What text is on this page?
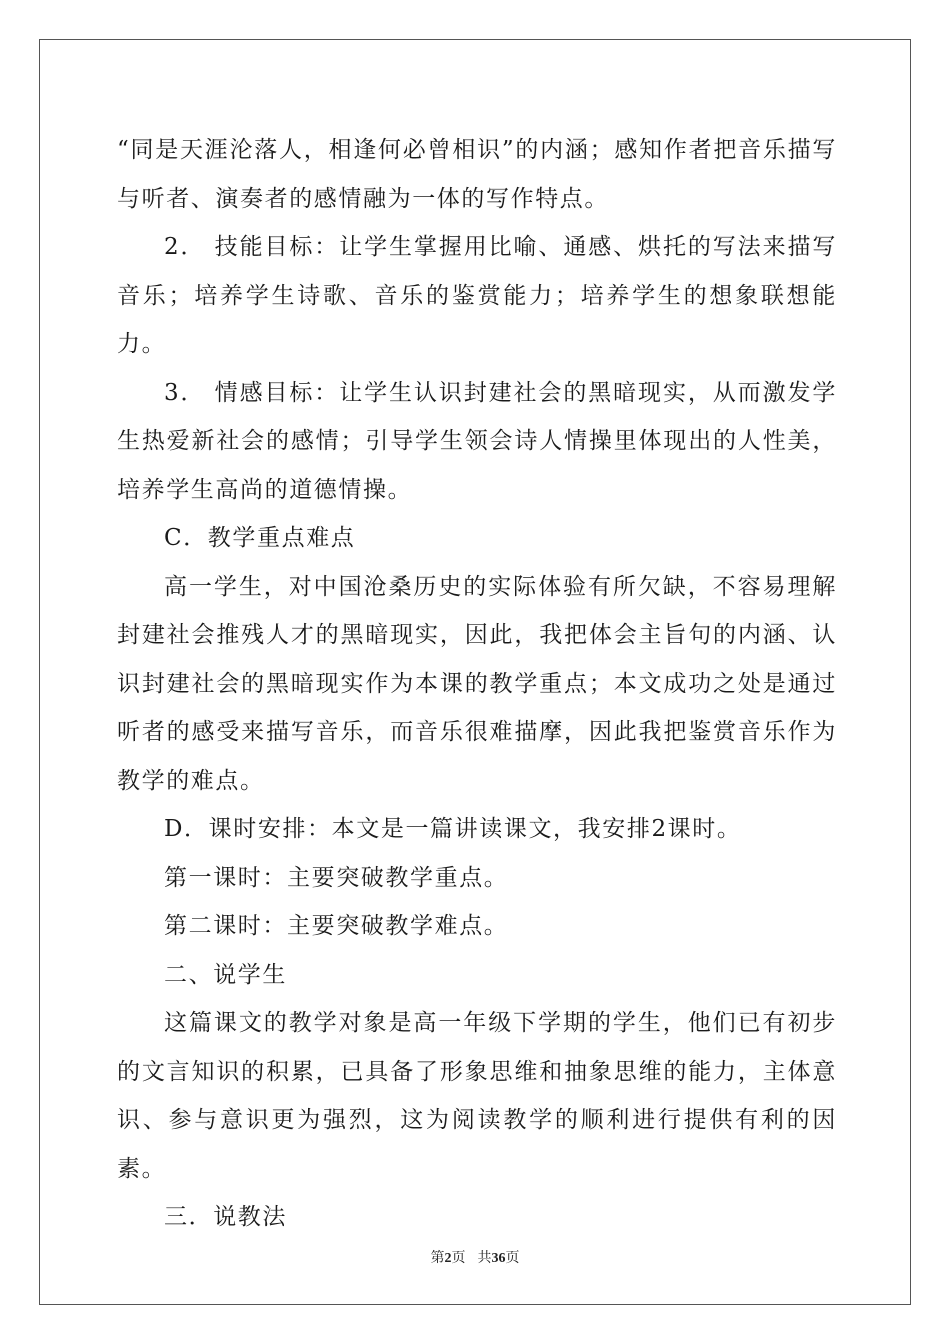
“同是天涯沦落人，相逢何必曾相识”的内涵；感知作者把音乐描写与听者、演奏者的感情融为一体的写作特点。

2． 技能目标：让学生掌握用比喻、通感、烘托的写法来描写音乐；培养学生诗歌、音乐的鉴赏能力；培养学生的想象联想能力。

3． 情感目标：让学生认识封建社会的黑暗现实，从而激发学生热爱新社会的感情；引导学生领会诗人情操里体现出的人性美，培养学生高尚的道德情操。

C．教学重点难点

高一学生，对中国沧桑历史的实际体验有所欠缺，不容易理解封建社会推残人才的黑暗现实，因此，我把体会主旨句的内涵、认识封建社会的黑暗现实作为本课的教学重点；本文成功之处是通过听者的感受来描写音乐，而音乐很难描摩，因此我把鉴赏音乐作为教学的难点。

D．课时安排：本文是一篇讲读课文，我安排2课时。

第一课时：主要突破教学重点。

第二课时：主要突破教学难点。

二、说学生

这篇课文的教学对象是高一年级下学期的学生，他们已有初步的文言知识的积累，已具备了形象思维和抽象思维的能力，主体意识、参与意识更为强烈，这为阅读教学的顺利进行提供有利的因素。

三．说教法

第2页 共36页
